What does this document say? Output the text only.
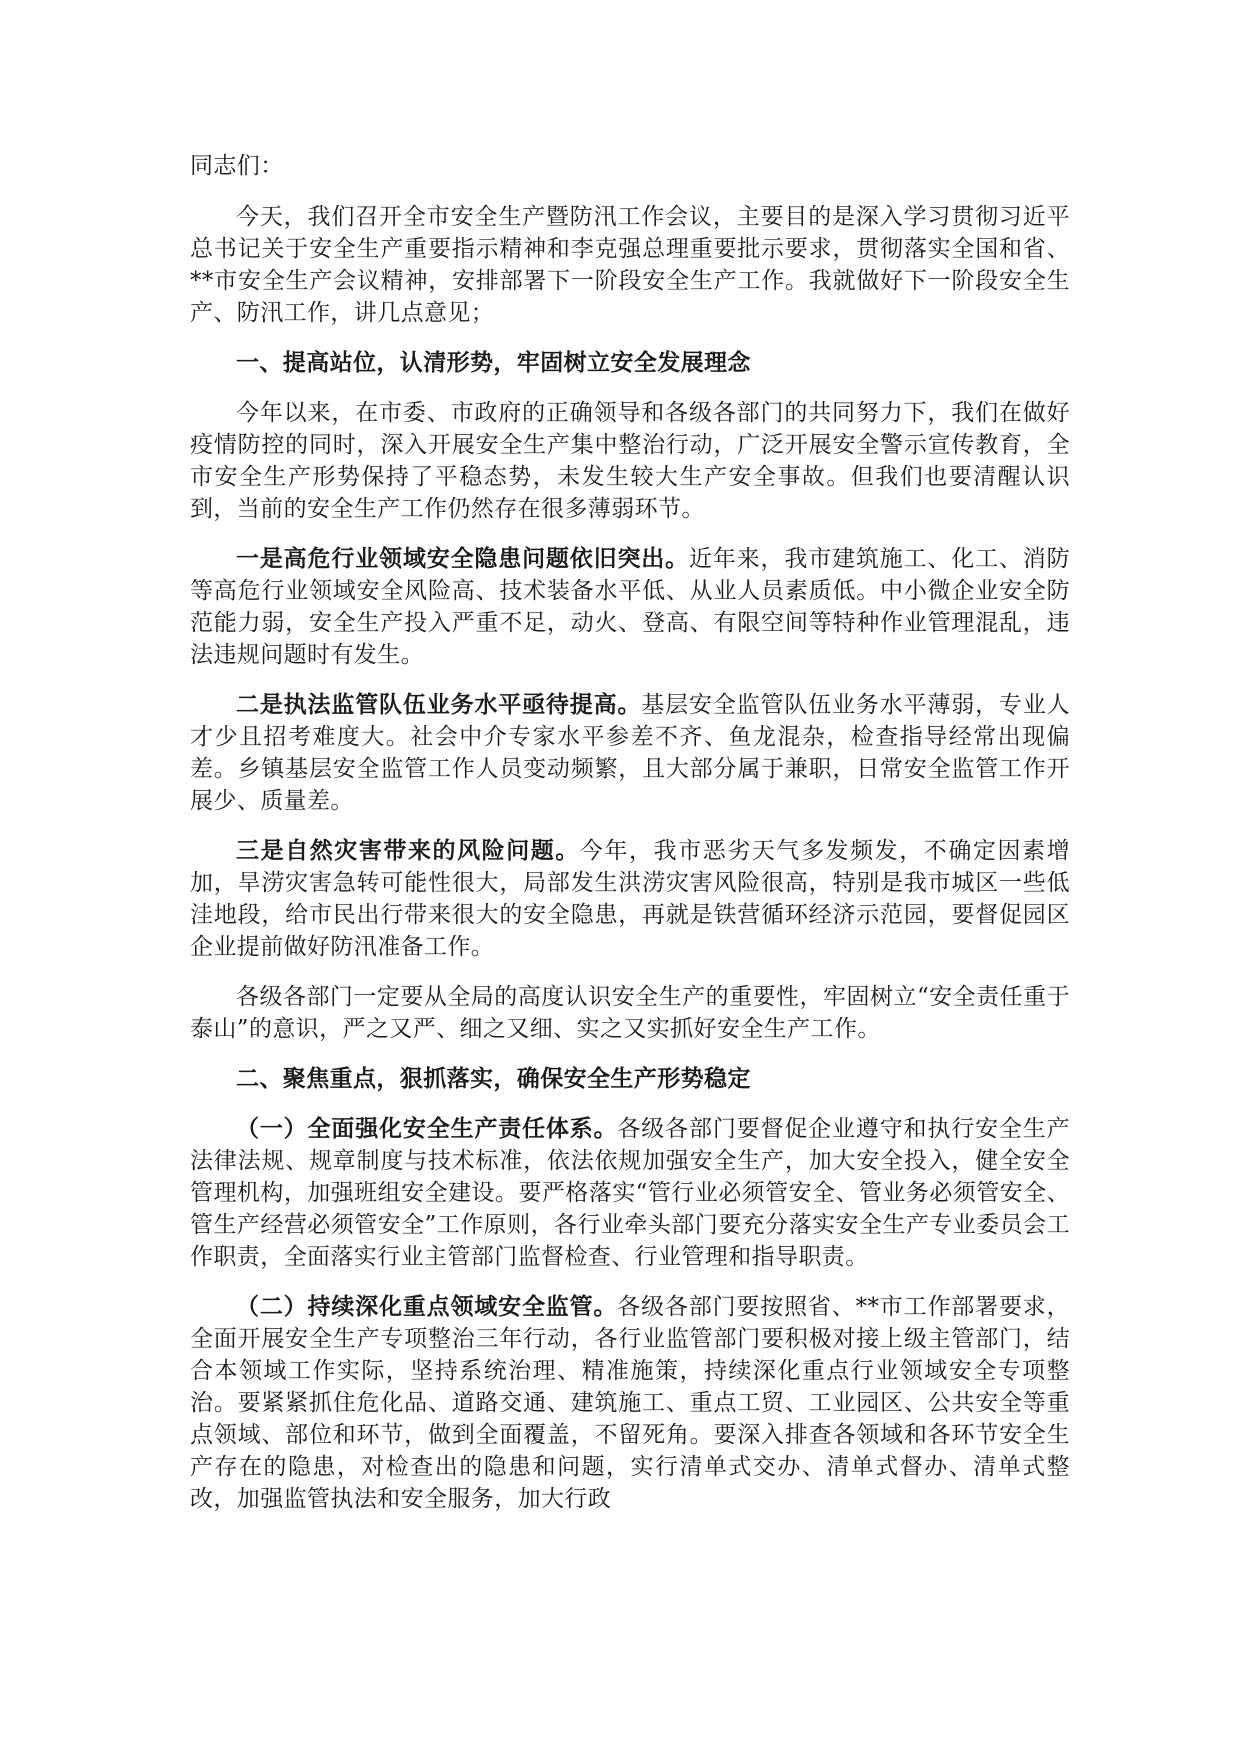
同志们：

今天，我们召开全市安全生产暨防汛工作会议，主要目的是深入学习贯彻习近平总书记关于安全生产重要指示精神和李克强总理重要批示要求，贯彻落实全国和省、**市安全生产会议精神，安排部署下一阶段安全生产工作。我就做好下一阶段安全生产、防汛工作，讲几点意见；

一、提高站位，认清形势，牢固树立安全发展理念

今年以来，在市委、市政府的正确领导和各级各部门的共同努力下，我们在做好疫情防控的同时，深入开展安全生产集中整治行动，广泛开展安全警示宣传教育，全市安全生产形势保持了平稳态势，未发生较大生产安全事故。但我们也要清醒认识到，当前的安全生产工作仍然存在很多薄弱环节。

一是高危行业领域安全隐患问题依旧突出。近年来，我市建筑施工、化工、消防等高危行业领域安全风险高、技术装备水平低、从业人员素质低。中小微企业安全防范能力弱，安全生产投入严重不足，动火、登高、有限空间等特种作业管理混乱，违法违规问题时有发生。

二是执法监管队伍业务水平亟待提高。基层安全监管队伍业务水平薄弱，专业人才少且招考难度大。社会中介专家水平参差不齐、鱼龙混杂，检查指导经常出现偏差。乡镇基层安全监管工作人员变动频繁，且大部分属于兼职，日常安全监管工作开展少、质量差。

三是自然灾害带来的风险问题。今年，我市恶劣天气多发频发，不确定因素增加，旱涝灾害急转可能性很大，局部发生洪涝灾害风险很高，特别是我市城区一些低洼地段，给市民出行带来很大的安全隐患，再就是铁营循环经济示范园，要督促园区企业提前做好防汛准备工作。

各级各部门一定要从全局的高度认识安全生产的重要性，牢固树立“安全责任重于泰山”的意识，严之又严、细之又细、实之又实抓好安全生产工作。

二、聚焦重点，狠抓落实，确保安全生产形势稳定

（一）全面强化安全生产责任体系。各级各部门要督促企业遵守和执行安全生产法律法规、规章制度与技术标准，依法依规加强安全生产，加大安全投入，健全安全管理机构，加强班组安全建设。要严格落实“管行业必须管安全、管业务必须管安全、管生产经营必须管安全”工作原则，各行业牵头部门要充分落实安全生产专业委员会工作职责，全面落实行业主管部门监督检查、行业管理和指导职责。

（二）持续深化重点领域安全监管。各级各部门要按照省、**市工作部署要求，全面开展安全生产专项整治三年行动，各行业监管部门要积极对接上级主管部门，结合本领域工作实际，坚持系统治理、精准施策，持续深化重点行业领域安全专项整治。要紧紧抓住危化品、道路交通、建筑施工、重点工贸、工业园区、公共安全等重点领域、部位和环节，做到全面覆盖，不留死角。要深入排查各领域和各环节安全生产存在的隐患，对检查出的隐患和问题，实行清单式交办、清单式督办、清单式整改，加强监管执法和安全服务，加大行政
